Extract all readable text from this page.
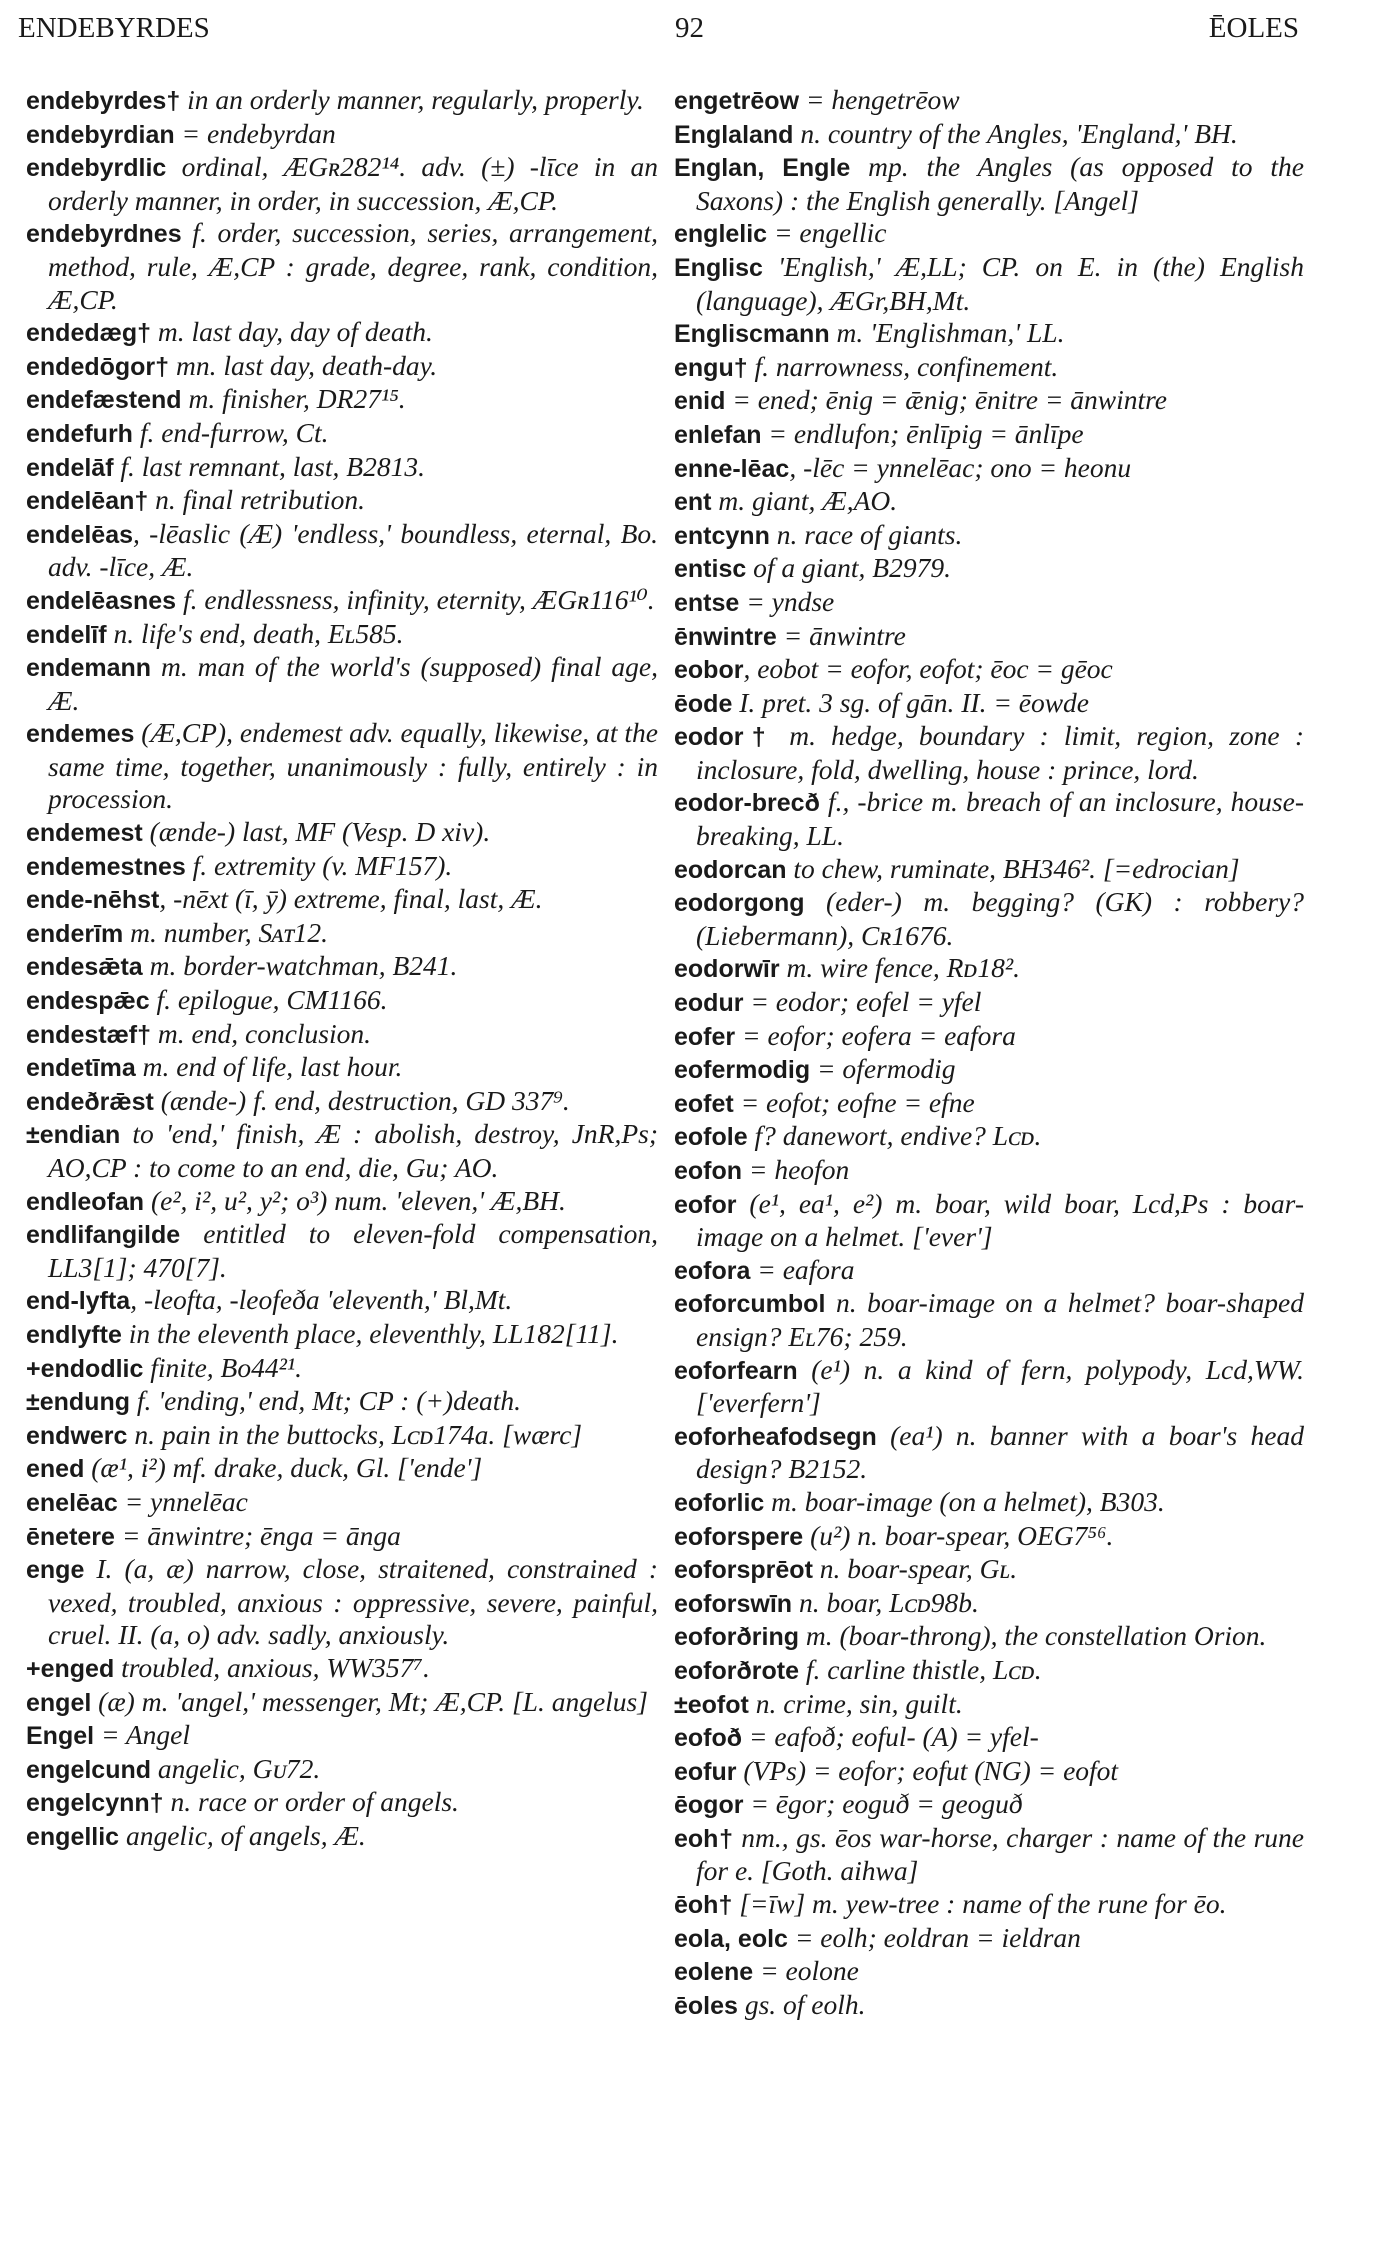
ENDEBYRDES	92	ĒOLES
endebyrdes† in an orderly manner, regularly, properly.
endebyrdian = endebyrdan
endebyrdlic ordinal, ÆGʀ282¹⁴. adv. (±) -līce in an orderly manner, in order, in succession, Æ,CP.
endebyrdnes f. order, succession, series, arrangement, method, rule, Æ,CP : grade, degree, rank, condition, Æ,CP.
endedæg† m. last day, day of death.
endedōgor† mn. last day, death-day.
endefæstend m. finisher, DR27¹⁵.
endefurh f. end-furrow, Ct.
endelāf f. last remnant, last, B2813.
endelēan† n. final retribution.
endelēas, -lēaslic (Æ) 'endless,' boundless, eternal, Bo. adv. -līce, Æ.
endelēasnes f. endlessness, infinity, eternity, ÆGʀ116¹⁰.
endelīf n. life's end, death, Eʟ585.
endemann m. man of the world's (supposed) final age, Æ.
endemes (Æ,CP), endemest adv. equally, likewise, at the same time, together, unanimously : fully, entirely : in procession.
endemest (ænde-) last, MF (Vesp. D xiv).
endemestnes f. extremity (v. MF157).
ende-nēhst, -nēxt (ī, ȳ) extreme, final, last, Æ.
enderīm m. number, Sᴀᴛ12.
endesǣta m. border-watchman, B241.
endespǣc f. epilogue, CM1166.
endestæf† m. end, conclusion.
endetīma m. end of life, last hour.
endeðrǣst (ænde-) f. end, destruction, GD 337⁹.
±endian to 'end,' finish, Æ : abolish, destroy, JnR,Ps; AO,CP : to come to an end, die, Gu; AO.
endleofan (e², i², u², y²; o³) num. 'eleven,' Æ,BH.
endlifangilde entitled to eleven-fold compensation, LL3[1]; 470[7].
end-lyfta, -leofta, -leofeða 'eleventh,' Bl,Mt.
endlyfte in the eleventh place, eleventhly, LL182[11].
+endodlic finite, Bo44²¹.
±endung f. 'ending,' end, Mt; CP : (+)death.
endwerc n. pain in the buttocks, Lᴄᴅ174a. [wærc]
ened (æ¹, i²) mf. drake, duck, Gl. ['ende']
enelēac = ynnelēac
ēnetere = ānwintre; ēnga = ānga
enge I. (a, æ) narrow, close, straitened, constrained : vexed, troubled, anxious : oppressive, severe, painful, cruel. II. (a, o) adv. sadly, anxiously.
+enged troubled, anxious, WW357⁷.
engel (æ) m. 'angel,' messenger, Mt; Æ,CP. [L. angelus]
Engel = Angel
engelcund angelic, Gᴜ72.
engelcynn† n. race or order of angels.
engellic angelic, of angels, Æ.
engetrēow = hengetrēow
Englaland n. country of the Angles, 'England,' BH.
Englan, Engle mp. the Angles (as opposed to the Saxons) : the English generally. [Angel]
englelic = engellic
Englisc 'English,' Æ,LL; CP. on E. in (the) English (language), ÆGr,BH,Mt.
Engliscmann m. 'Englishman,' LL.
engu† f. narrowness, confinement.
enid = ened; ēnig = ǣnig; ēnitre = ānwintre
enlefan = endlufon; ēnlīpig = ānlīpe
enne-lēac, -lēc = ynnelēac; ono = heonu
ent m. giant, Æ,AO.
entcynn n. race of giants.
entisc of a giant, B2979.
entse = yndse
ēnwintre = ānwintre
eobor, eobot = eofor, eofot; ēoc = gēoc
ēode I. pret. 3 sg. of gān. II. = ēowde
eodor† m. hedge, boundary : limit, region, zone : inclosure, fold, dwelling, house : prince, lord.
eodor-brecð f., -brice m. breach of an inclosure, house-breaking, LL.
eodorcan to chew, ruminate, BH346². [=edrocian]
eodorgong (eder-) m. begging? (GK) : robbery? (Liebermann), Cʀ1676.
eodorwīr m. wire fence, Rᴅ18².
eodur = eodor; eofel = yfel
eofer = eofor; eofera = eafora
eofermodig = ofermodig
eofet = eofot; eofne = efne
eofole f? danewort, endive? Lᴄᴅ.
eofon = heofon
eofor (e¹, ea¹, e²) m. boar, wild boar, Lcd,Ps : boar-image on a helmet. ['ever']
eofora = eafora
eoforcumbol n. boar-image on a helmet? boar-shaped ensign? Eʟ76; 259.
eoforfearn (e¹) n. a kind of fern, polypody, Lcd,WW. ['everfern']
eoforheafodsegn (ea¹) n. banner with a boar's head design? B2152.
eoforlic m. boar-image (on a helmet), B303.
eoforspere (u²) n. boar-spear, OEG7⁵⁶.
eoforsprēot n. boar-spear, Gʟ.
eoforswīn n. boar, Lᴄᴅ98b.
eoforðring m. (boar-throng), the constellation Orion.
eoforðrote f. carline thistle, Lᴄᴅ.
±eofot n. crime, sin, guilt.
eofoð = eafoð; eoful- (A) = yfel-
eofur (VPs) = eofor; eofut (NG) = eofot
ēogor = ēgor; eoguð = geoguð
eoh† nm., gs. ēos war-horse, charger : name of the rune for e. [Goth. aihwa]
ēoh† [=īw] m. yew-tree : name of the rune for ēo.
eola, eolc = eolh; eoldran = ieldran
eolene = eolone
ēoles gs. of eolh.
